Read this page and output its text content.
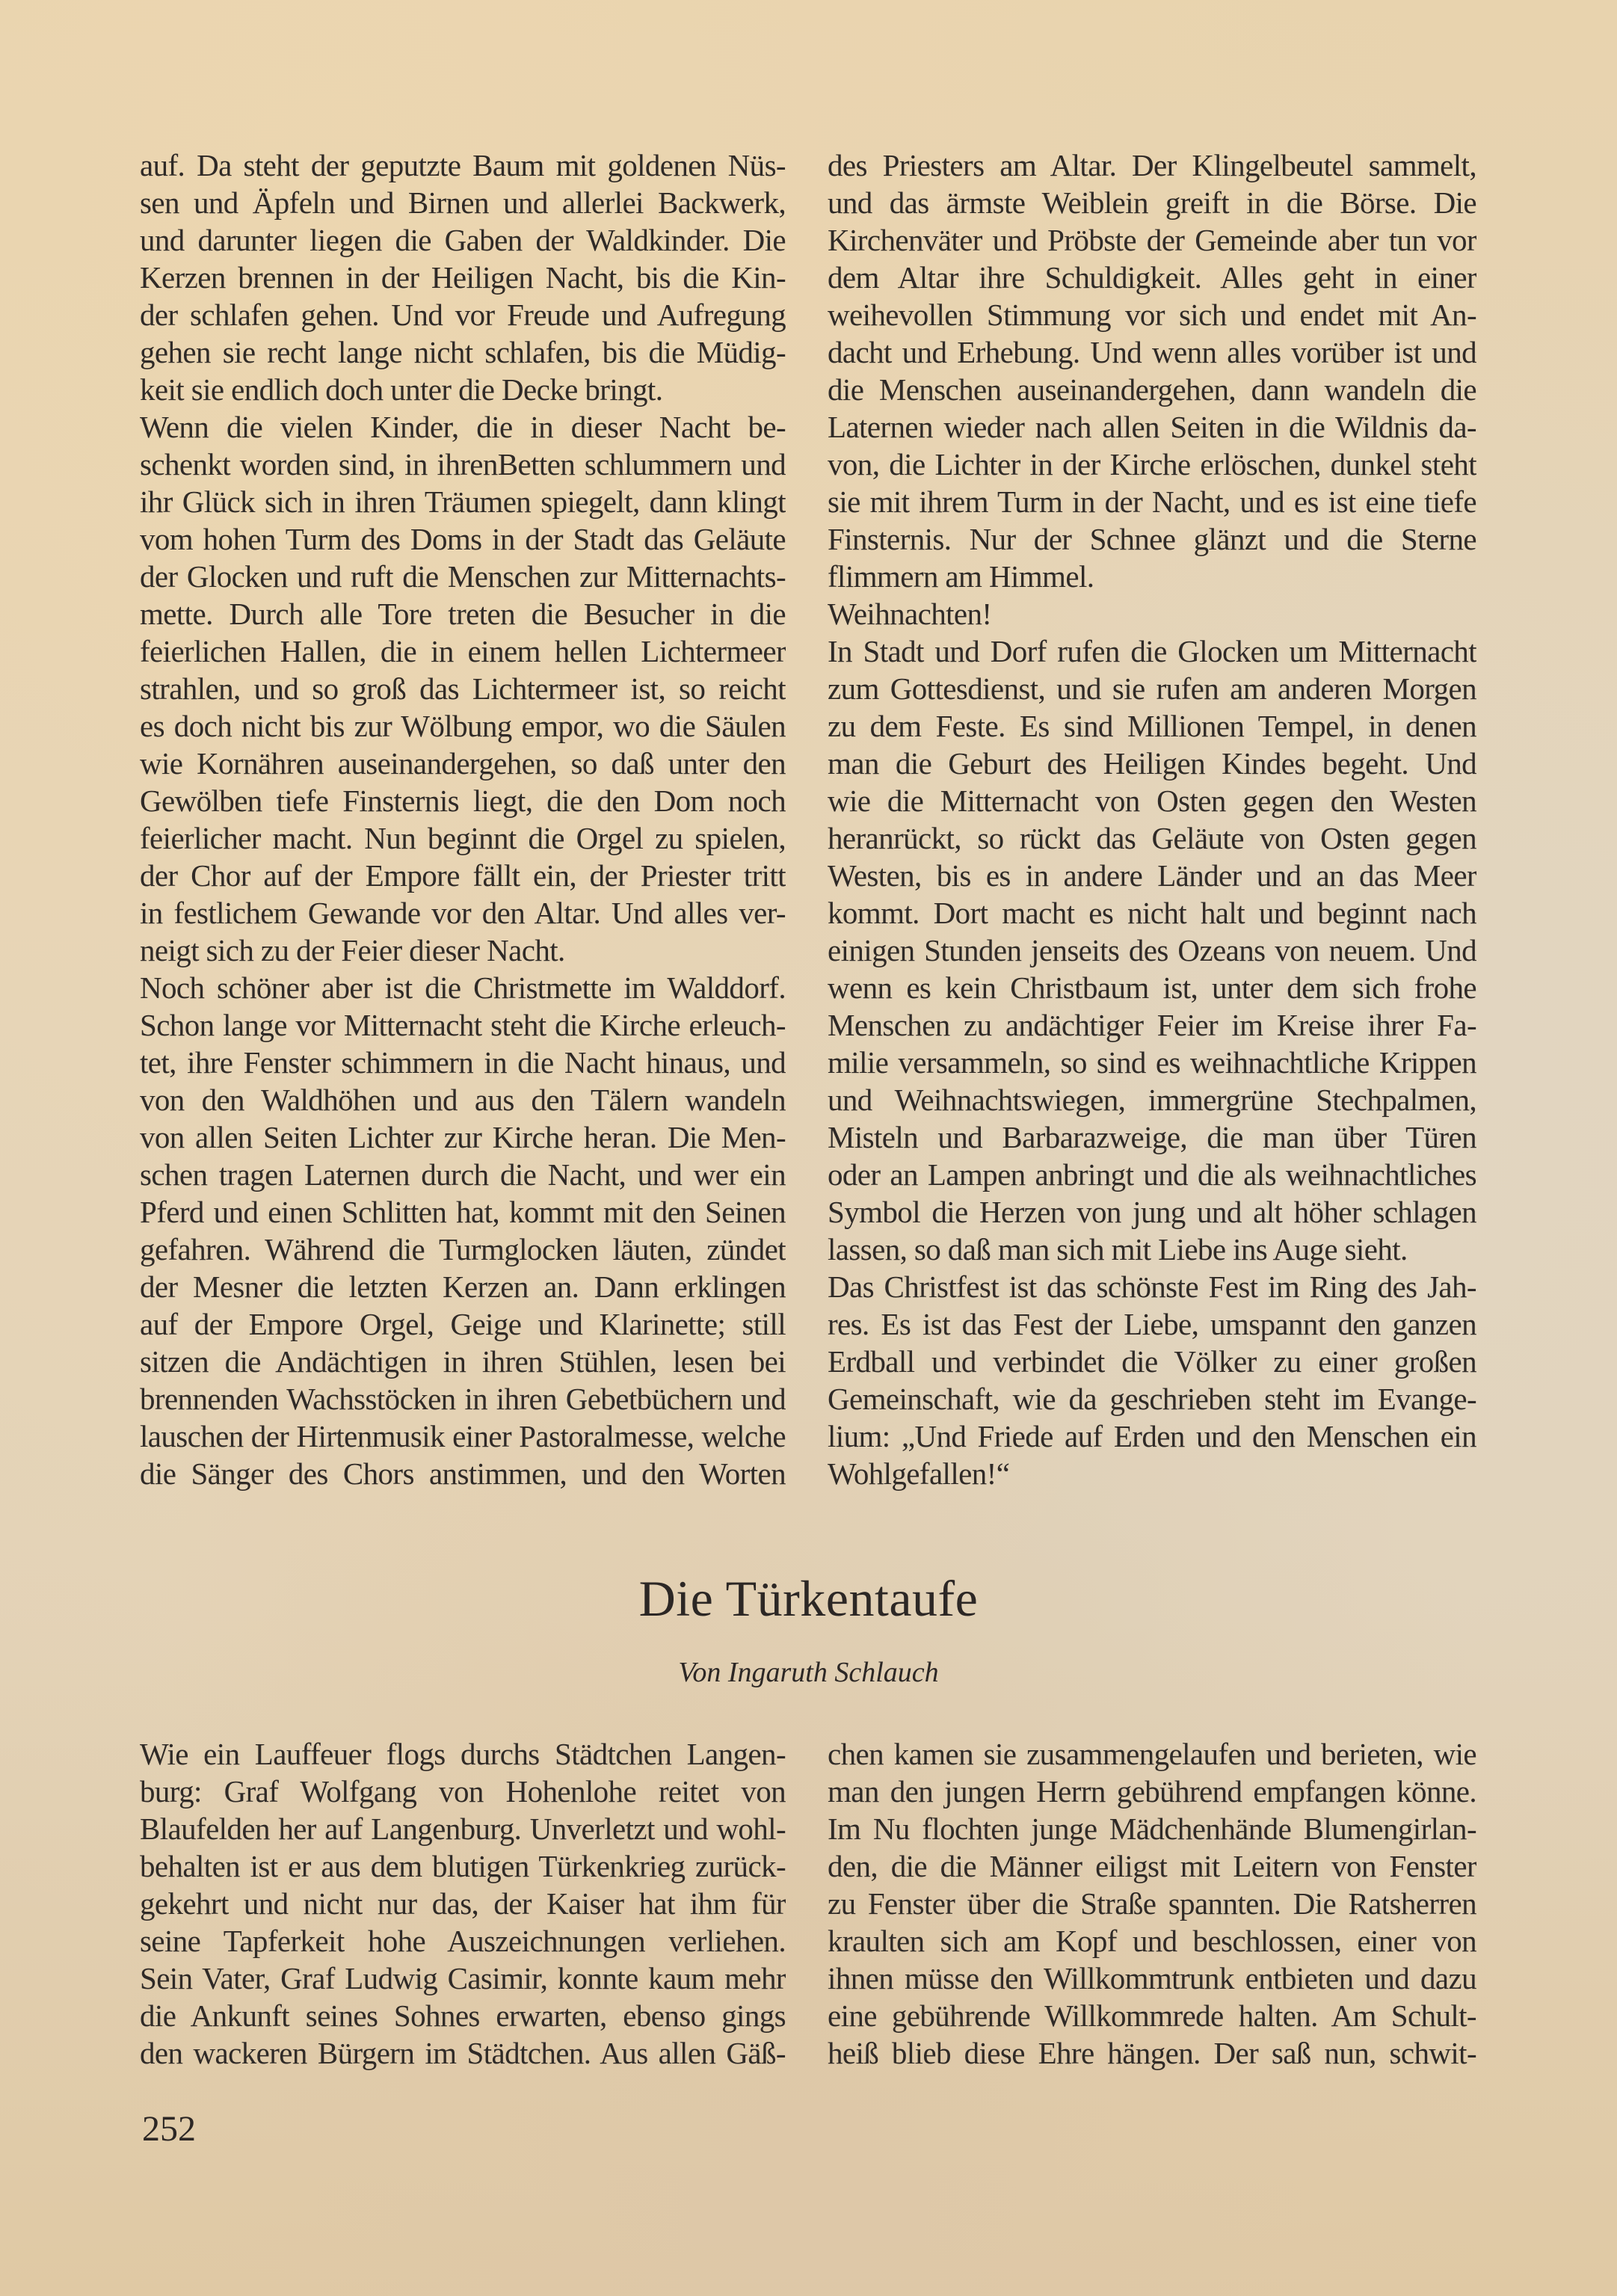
auf. Da steht der geputzte Baum mit goldenen Nüs-
sen und Äpfeln und Birnen und allerlei Backwerk,
und darunter liegen die Gaben der Waldkinder. Die
Kerzen brennen in der Heiligen Nacht, bis die Kin-
der schlafen gehen. Und vor Freude und Aufregung
gehen sie recht lange nicht schlafen, bis die Müdig-
keit sie endlich doch unter die Decke bringt.
Wenn die vielen Kinder, die in dieser Nacht be-
schenkt worden sind, in ihrenBetten schlummern und
ihr Glück sich in ihren Träumen spiegelt, dann klingt
vom hohen Turm des Doms in der Stadt das Geläute
der Glocken und ruft die Menschen zur Mitternachts-
mette. Durch alle Tore treten die Besucher in die
feierlichen Hallen, die in einem hellen Lichtermeer
strahlen, und so groß das Lichtermeer ist, so reicht
es doch nicht bis zur Wölbung empor, wo die Säulen
wie Kornähren auseinandergehen, so daß unter den
Gewölben tiefe Finsternis liegt, die den Dom noch
feierlicher macht. Nun beginnt die Orgel zu spielen,
der Chor auf der Empore fällt ein, der Priester tritt
in festlichem Gewande vor den Altar. Und alles ver-
neigt sich zu der Feier dieser Nacht.
Noch schöner aber ist die Christmette im Walddorf.
Schon lange vor Mitternacht steht die Kirche erleuch-
tet, ihre Fenster schimmern in die Nacht hinaus, und
von den Waldhöhen und aus den Tälern wandeln
von allen Seiten Lichter zur Kirche heran. Die Men-
schen tragen Laternen durch die Nacht, und wer ein
Pferd und einen Schlitten hat, kommt mit den Seinen
gefahren. Während die Turmglocken läuten, zündet
der Mesner die letzten Kerzen an. Dann erklingen
auf der Empore Orgel, Geige und Klarinette; still
sitzen die Andächtigen in ihren Stühlen, lesen bei
brennenden Wachsstöcken in ihren Gebetbüchern und
lauschen der Hirtenmusik einer Pastoralmesse, welche
die Sänger des Chors anstimmen, und den Worten
des Priesters am Altar. Der Klingelbeutel sammelt,
und das ärmste Weiblein greift in die Börse. Die
Kirchenväter und Pröbste der Gemeinde aber tun vor
dem Altar ihre Schuldigkeit. Alles geht in einer
weihevollen Stimmung vor sich und endet mit An-
dacht und Erhebung. Und wenn alles vorüber ist und
die Menschen auseinandergehen, dann wandeln die
Laternen wieder nach allen Seiten in die Wildnis da-
von, die Lichter in der Kirche erlöschen, dunkel steht
sie mit ihrem Turm in der Nacht, und es ist eine tiefe
Finsternis. Nur der Schnee glänzt und die Sterne
flimmern am Himmel.
Weihnachten!
In Stadt und Dorf rufen die Glocken um Mitternacht
zum Gottesdienst, und sie rufen am anderen Morgen
zu dem Feste. Es sind Millionen Tempel, in denen
man die Geburt des Heiligen Kindes begeht. Und
wie die Mitternacht von Osten gegen den Westen
heranrückt, so rückt das Geläute von Osten gegen
Westen, bis es in andere Länder und an das Meer
kommt. Dort macht es nicht halt und beginnt nach
einigen Stunden jenseits des Ozeans von neuem. Und
wenn es kein Christbaum ist, unter dem sich frohe
Menschen zu andächtiger Feier im Kreise ihrer Fa-
milie versammeln, so sind es weihnachtliche Krippen
und Weihnachtswiegen, immergrüne Stechpalmen,
Misteln und Barbarazweige, die man über Türen
oder an Lampen anbringt und die als weihnachtliches
Symbol die Herzen von jung und alt höher schlagen
lassen, so daß man sich mit Liebe ins Auge sieht.
Das Christfest ist das schönste Fest im Ring des Jah-
res. Es ist das Fest der Liebe, umspannt den ganzen
Erdball und verbindet die Völker zu einer großen
Gemeinschaft, wie da geschrieben steht im Evange-
lium: „Und Friede auf Erden und den Menschen ein
Wohlgefallen!“
Die Türkentaufe
Von Ingaruth Schlauch
Wie ein Lauffeuer flogs durchs Städtchen Langen-
burg: Graf Wolfgang von Hohenlohe reitet von
Blaufelden her auf Langenburg. Unverletzt und wohl-
behalten ist er aus dem blutigen Türkenkrieg zurück-
gekehrt und nicht nur das, der Kaiser hat ihm für
seine Tapferkeit hohe Auszeichnungen verliehen.
Sein Vater, Graf Ludwig Casimir, konnte kaum mehr
die Ankunft seines Sohnes erwarten, ebenso gings
den wackeren Bürgern im Städtchen. Aus allen Gäß-
chen kamen sie zusammengelaufen und berieten, wie
man den jungen Herrn gebührend empfangen könne.
Im Nu flochten junge Mädchenhände Blumengirlan-
den, die die Männer eiligst mit Leitern von Fenster
zu Fenster über die Straße spannten. Die Ratsherren
kraulten sich am Kopf und beschlossen, einer von
ihnen müsse den Willkommtrunk entbieten und dazu
eine gebührende Willkommrede halten. Am Schult-
heiß blieb diese Ehre hängen. Der saß nun, schwit-
252
